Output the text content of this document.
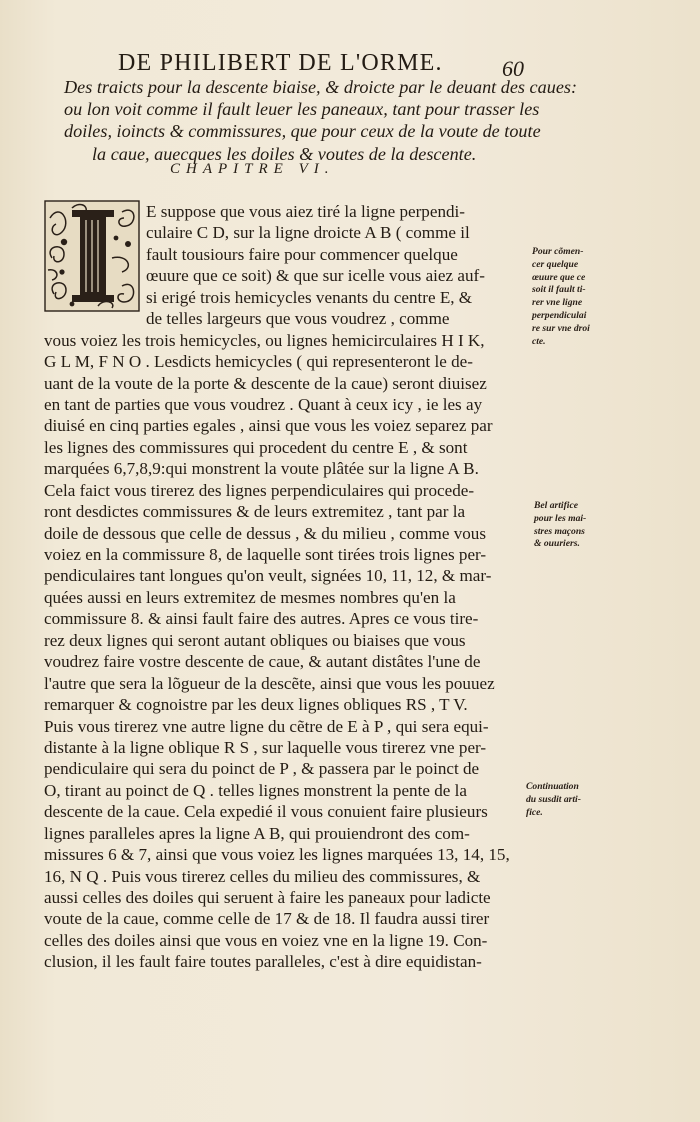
DE PHILIBERT DE L'ORME.	60
Des traicts pour la descente biaise, & droicte par le deuant des caues:
ou lon voit comme il fault leuer les paneaux, tant pour trasser les
doiles, ioincts & commissures, que pour ceux de la voute de toute
la caue, auecques les doiles & voutes de la descente.
CHAPITRE VI.
E suppose que vous aiez tiré la ligne perpendi-
culaire C D, sur la ligne droicte A B ( comme il
fault tousiours faire pour commencer quelque
œuure que ce soit) & que sur icelle vous aiez auf-
si erigé trois hemicycles venants du centre E, &
de telles largeurs que vous voudrez , comme
vous voiez les trois hemicycles, ou lignes hemicirculaires H I K,
G L M, F N O . Lesdicts hemicycles ( qui representeront le de-
uant de la voute de la porte & descente de la caue) seront diuisez
en tant de parties que vous voudrez . Quant à ceux icy , ie les ay
diuisé en cinq parties egales , ainsi que vous les voiez separez par
les lignes des commissures qui procedent du centre E , & sont
marquées 6,7,8,9:qui monstrent la voute plâtée sur la ligne A B.
Cela faict vous tirerez des lignes perpendiculaires qui procede-
ront desdictes commissures & de leurs extremitez , tant par la
doile de dessous que celle de dessus , & du milieu , comme vous
voiez en la commissure 8, de laquelle sont tirées trois lignes per-
pendiculaires tant longues qu'on veult, signées 10, 11, 12, & mar-
quées aussi en leurs extremitez de mesmes nombres qu'en la
commissure 8. & ainsi fault faire des autres. Apres ce vous tire-
rez deux lignes qui seront autant obliques ou biaises que vous
voudrez faire vostre descente de caue, & autant distâtes l'une de
l'autre que sera la lõgueur de la descẽte, ainsi que vous les pouuez
remarquer & cognoistre par les deux lignes obliques RS , T V.
Puis vous tirerez vne autre ligne du cẽtre de E à P , qui sera equi-
distante à la ligne oblique R S , sur laquelle vous tirerez vne per-
pendiculaire qui sera du poinct de P , & passera par le poinct de
O, tirant au poinct de Q . telles lignes monstrent la pente de la
descente de la caue. Cela expedié il vous conuient faire plusieurs
lignes paralleles apres la ligne A B, qui prouiendront des com-
missures 6 & 7, ainsi que vous voiez les lignes marquées 13, 14, 15,
16, N Q . Puis vous tirerez celles du milieu des commissures, &
aussi celles des doiles qui seruent à faire les paneaux pour ladicte
voute de la caue, comme celle de 17 & de 18. Il faudra aussi tirer
celles des doiles ainsi que vous en voiez vne en la ligne 19. Con-
clusion, il les fault faire toutes paralleles, c'est à dire equidistan-
Pour cõmen-
cer quelque
œuure que ce
soit il fault ti-
rer vne ligne
perpendiculai
re sur vne droi
cte.
Bel artifice
pour les mai-
stres maçons
& ouuriers.
Continuation
du susdit arti-
fice.
